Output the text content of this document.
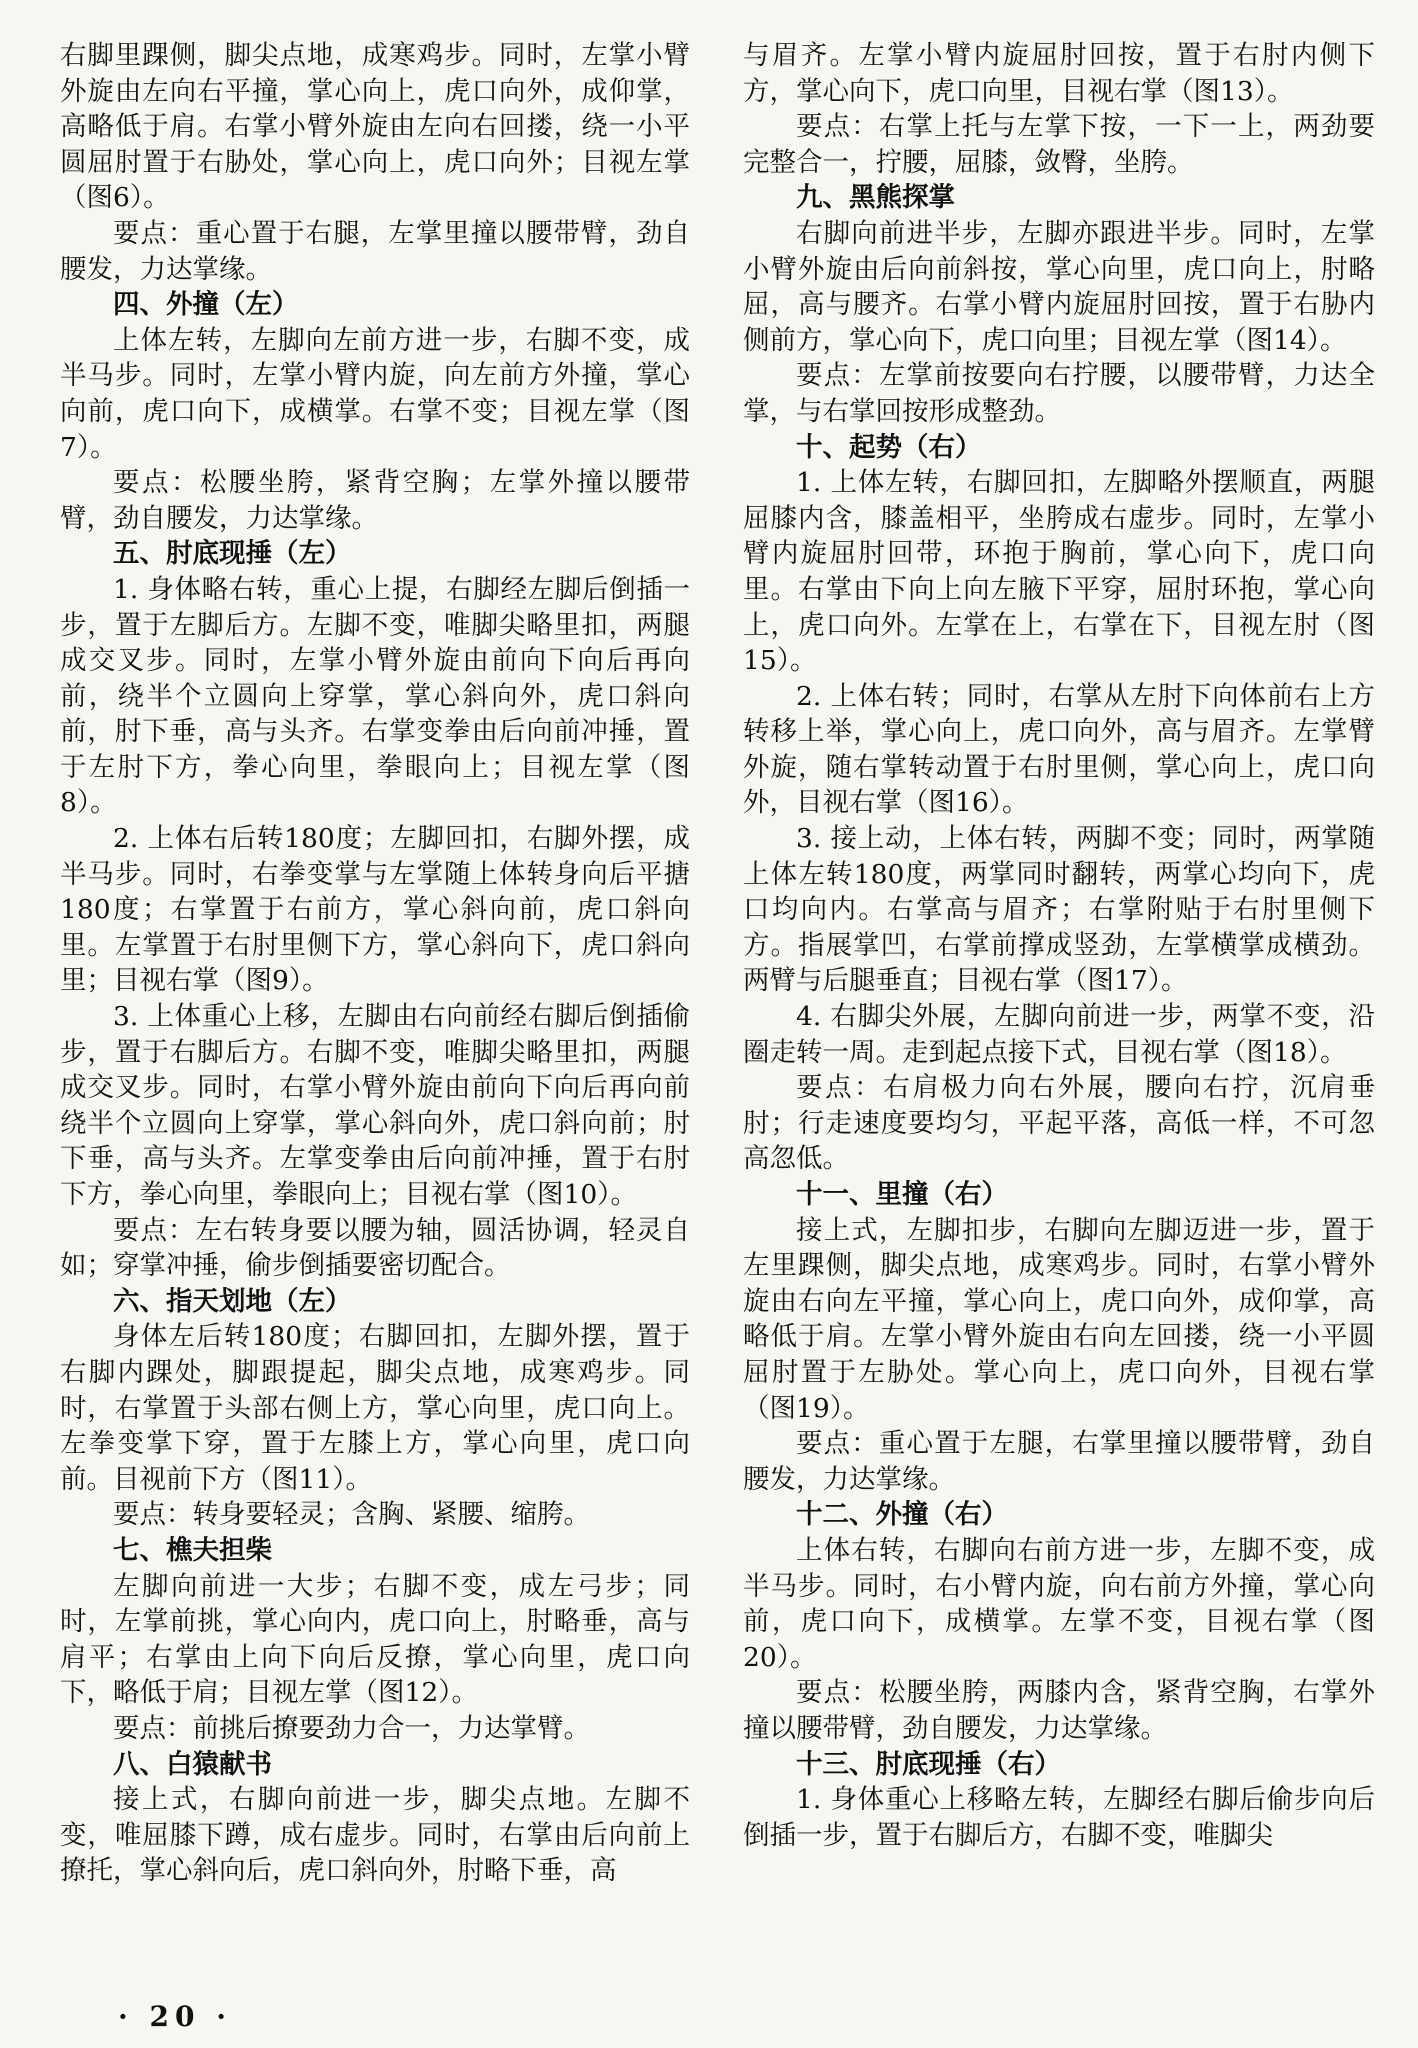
右脚里踝侧，脚尖点地，成寒鸡步。同时，左掌小臂外旋由左向右平撞，掌心向上，虎口向外，成仰掌，高略低于肩。右掌小臂外旋由左向右回搂，绕一小平圆屈肘置于右胁处，掌心向上，虎口向外；目视左掌（图6）。

要点：重心置于右腿，左掌里撞以腰带臂，劲自腰发，力达掌缘。

四、外撞（左）

上体左转，左脚向左前方进一步，右脚不变，成半马步。同时，左掌小臂内旋，向左前方外撞，掌心向前，虎口向下，成横掌。右掌不变；目视左掌（图7）。

要点：松腰坐胯，紧背空胸；左掌外撞以腰带臂，劲自腰发，力达掌缘。

五、肘底现捶（左）

1. 身体略右转，重心上提，右脚经左脚后倒插一步，置于左脚后方。左脚不变，唯脚尖略里扣，两腿成交叉步。同时，左掌小臂外旋由前向下向后再向前，绕半个立圆向上穿掌，掌心斜向外，虎口斜向前，肘下垂，高与头齐。右掌变拳由后向前冲捶，置于左肘下方，拳心向里，拳眼向上；目视左掌（图8）。

2. 上体右后转180度；左脚回扣，右脚外摆，成半马步。同时，右拳变掌与左掌随上体转身向后平搪180度；右掌置于右前方，掌心斜向前，虎口斜向里。左掌置于右肘里侧下方，掌心斜向下，虎口斜向里；目视右掌（图9）。

3. 上体重心上移，左脚由右向前经右脚后倒插偷步，置于右脚后方。右脚不变，唯脚尖略里扣，两腿成交叉步。同时，右掌小臂外旋由前向下向后再向前绕半个立圆向上穿掌，掌心斜向外，虎口斜向前；肘下垂，高与头齐。左掌变拳由后向前冲捶，置于右肘下方，拳心向里，拳眼向上；目视右掌（图10）。

要点：左右转身要以腰为轴，圆活协调，轻灵自如；穿掌冲捶，偷步倒插要密切配合。

六、指天划地（左）

身体左后转180度；右脚回扣，左脚外摆，置于右脚内踝处，脚跟提起，脚尖点地，成寒鸡步。同时，右掌置于头部右侧上方，掌心向里，虎口向上。左拳变掌下穿，置于左膝上方，掌心向里，虎口向前。目视前下方（图11）。

要点：转身要轻灵；含胸、紧腰、缩胯。

七、樵夫担柴

左脚向前进一大步；右脚不变，成左弓步；同时，左掌前挑，掌心向内，虎口向上，肘略垂，高与肩平；右掌由上向下向后反撩，掌心向里，虎口向下，略低于肩；目视左掌（图12）。

要点：前挑后撩要劲力合一，力达掌臂。

八、白猿献书

接上式，右脚向前进一步，脚尖点地。左脚不变，唯屈膝下蹲，成右虚步。同时，右掌由后向前上撩托，掌心斜向后，虎口斜向外，肘略下垂，高

与眉齐。左掌小臂内旋屈肘回按，置于右肘内侧下方，掌心向下，虎口向里，目视右掌（图13）。

要点：右掌上托与左掌下按，一下一上，两劲要完整合一，拧腰，屈膝，敛臀，坐胯。

九、黑熊探掌

右脚向前进半步，左脚亦跟进半步。同时，左掌小臂外旋由后向前斜按，掌心向里，虎口向上，肘略屈，高与腰齐。右掌小臂内旋屈肘回按，置于右胁内侧前方，掌心向下，虎口向里；目视左掌（图14）。

要点：左掌前按要向右拧腰，以腰带臂，力达全掌，与右掌回按形成整劲。

十、起势（右）

1. 上体左转，右脚回扣，左脚略外摆顺直，两腿屈膝内含，膝盖相平，坐胯成右虚步。同时，左掌小臂内旋屈肘回带，环抱于胸前，掌心向下，虎口向里。右掌由下向上向左腋下平穿，屈肘环抱，掌心向上，虎口向外。左掌在上，右掌在下，目视左肘（图15）。

2. 上体右转；同时，右掌从左肘下向体前右上方转移上举，掌心向上，虎口向外，高与眉齐。左掌臂外旋，随右掌转动置于右肘里侧，掌心向上，虎口向外，目视右掌（图16）。

3. 接上动，上体右转，两脚不变；同时，两掌随上体左转180度，两掌同时翻转，两掌心均向下，虎口均向内。右掌高与眉齐；右掌附贴于右肘里侧下方。指展掌凹，右掌前撑成竖劲，左掌横掌成横劲。两臂与后腿垂直；目视右掌（图17）。

4. 右脚尖外展，左脚向前进一步，两掌不变，沿圈走转一周。走到起点接下式，目视右掌（图18）。

要点：右肩极力向右外展，腰向右拧，沉肩垂肘；行走速度要均匀，平起平落，高低一样，不可忽高忽低。

十一、里撞（右）

接上式，左脚扣步，右脚向左脚迈进一步，置于左里踝侧，脚尖点地，成寒鸡步。同时，右掌小臂外旋由右向左平撞，掌心向上，虎口向外，成仰掌，高略低于肩。左掌小臂外旋由右向左回搂，绕一小平圆屈肘置于左胁处。掌心向上，虎口向外，目视右掌（图19）。

要点：重心置于左腿，右掌里撞以腰带臂，劲自腰发，力达掌缘。

十二、外撞（右）

上体右转，右脚向右前方进一步，左脚不变，成半马步。同时，右小臂内旋，向右前方外撞，掌心向前，虎口向下，成横掌。左掌不变，目视右掌（图20）。

要点：松腰坐胯，两膝内含，紧背空胸，右掌外撞以腰带臂，劲自腰发，力达掌缘。

十三、肘底现捶（右）

1. 身体重心上移略左转，左脚经右脚后偷步向后倒插一步，置于右脚后方，右脚不变，唯脚尖

· 20 ·
